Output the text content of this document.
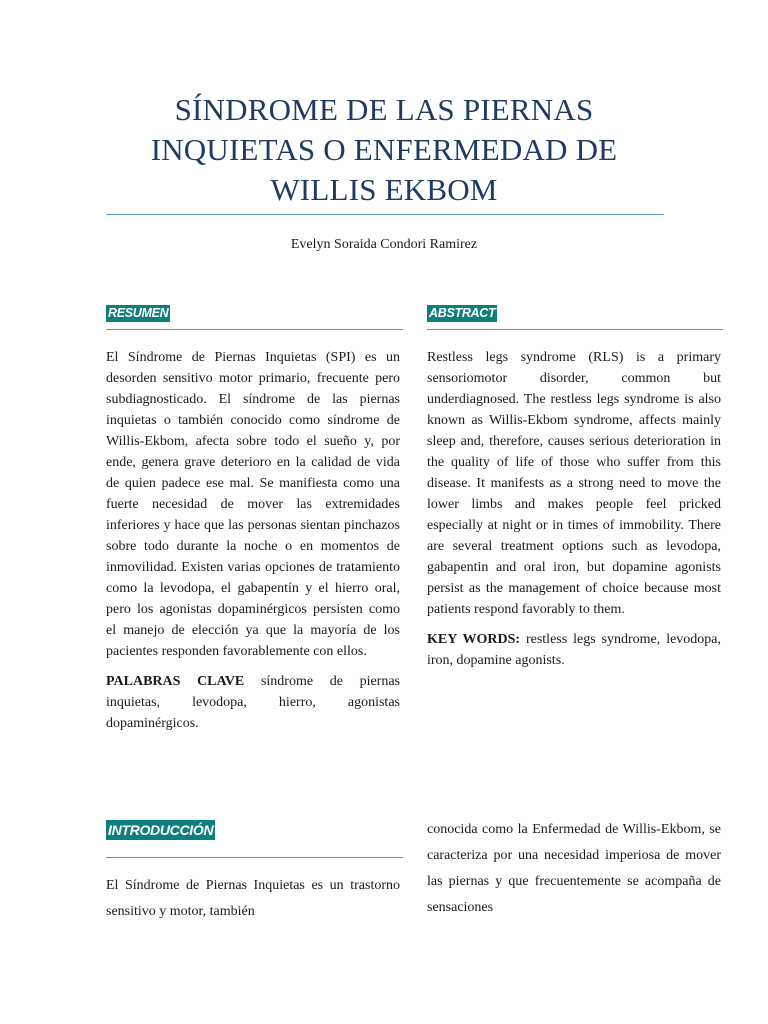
SÍNDROME DE LAS PIERNAS
INQUIETAS O ENFERMEDAD DE
WILLIS EKBOM
Evelyn Soraida Condori Ramirez
RESUMEN

El Síndrome de Piernas Inquietas (SPI) es un desorden sensitivo motor primario, frecuente pero subdiagnosticado. El síndrome de las piernas inquietas o también conocido como síndrome de Willis-Ekbom, afecta sobre todo el sueño y, por ende, genera grave deterioro en la calidad de vida de quien padece ese mal. Se manifiesta como una fuerte necesidad de mover las extremidades inferiores y hace que las personas sientan pinchazos sobre todo durante la noche o en momentos de inmovilidad. Existen varias opciones de tratamiento como la levodopa, el gabapentín y el hierro oral, pero los agonistas dopaminérgicos persisten como el manejo de elección ya que la mayoría de los pacientes responden favorablemente con ellos.

PALABRAS CLAVE síndrome de piernas inquietas, levodopa, hierro, agonistas dopaminérgicos.

ABSTRACT

Restless legs syndrome (RLS) is a primary sensoriomotor disorder, common but underdiagnosed. The restless legs syndrome is also known as Willis-Ekbom syndrome, affects mainly sleep and, therefore, causes serious deterioration in the quality of life of those who suffer from this disease. It manifests as a strong need to move the lower limbs and makes people feel pricked especially at night or in times of immobility. There are several treatment options such as levodopa, gabapentin and oral iron, but dopamine agonists persist as the management of choice because most patients respond favorably to them.

KEY WORDS: restless legs syndrome, levodopa, iron, dopamine agonists.

INTRODUCCIÓN
El Síndrome de Piernas Inquietas es un trastorno sensitivo y motor, también
conocida como la Enfermedad de Willis-Ekbom, se caracteriza por una necesidad imperiosa de mover las piernas y que frecuentemente se acompaña de sensaciones
